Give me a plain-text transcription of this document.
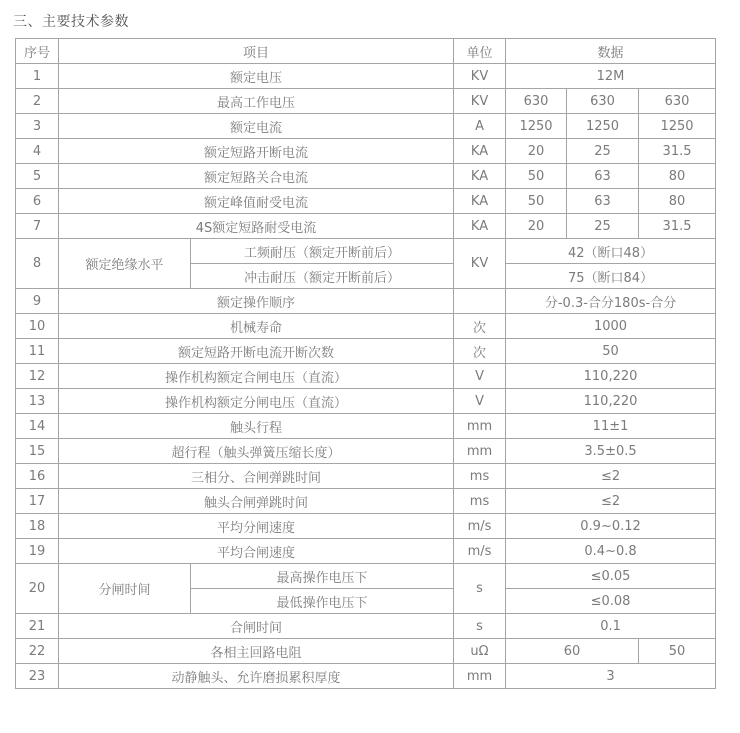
三、主要技术参数
序号	项目		单位	数据		
1	额定电压		KV	12M		
2	最高工作电压		KV	630	630	630
3	额定电流		A	1250	1250	1250
4	额定短路开断电流		KA	20	25	31.5
5	额定短路关合电流		KA	50	63	80
6	额定峰值耐受电流		KA	50	63	80
7	4S额定短路耐受电流		KA	20	25	31.5
8	额定绝缘水平	工频耐压（额定开断前后）	KV	42（断口48）		
		冲击耐压（额定开断前后）		75（断口84）		
9	额定操作顺序			分-0.3-合分180s-合分		
10	机械寿命		次	1000		
11	额定短路开断电流开断次数		次	50		
12	操作机构额定合闸电压（直流）		V	110,220		
13	操作机构额定分闸电压（直流）		V	110,220		
14	触头行程		mm	11±1		
15	超行程（触头弹簧压缩长度）		mm	3.5±0.5		
16	三相分、合闸弹跳时间		ms	≤2		
17	触头合闸弹跳时间		ms	≤2		
18	平均分闸速度		m/s	0.9~0.12		
19	平均合闸速度		m/s	0.4~0.8		
20	分闸时间	最高操作电压下	s	≤0.05		
		最低操作电压下		≤0.08		
21	合闸时间		s	0.1		
22	各相主回路电阻		uΩ	60		50
23	动静触头、允许磨损累积厚度		mm	3		
